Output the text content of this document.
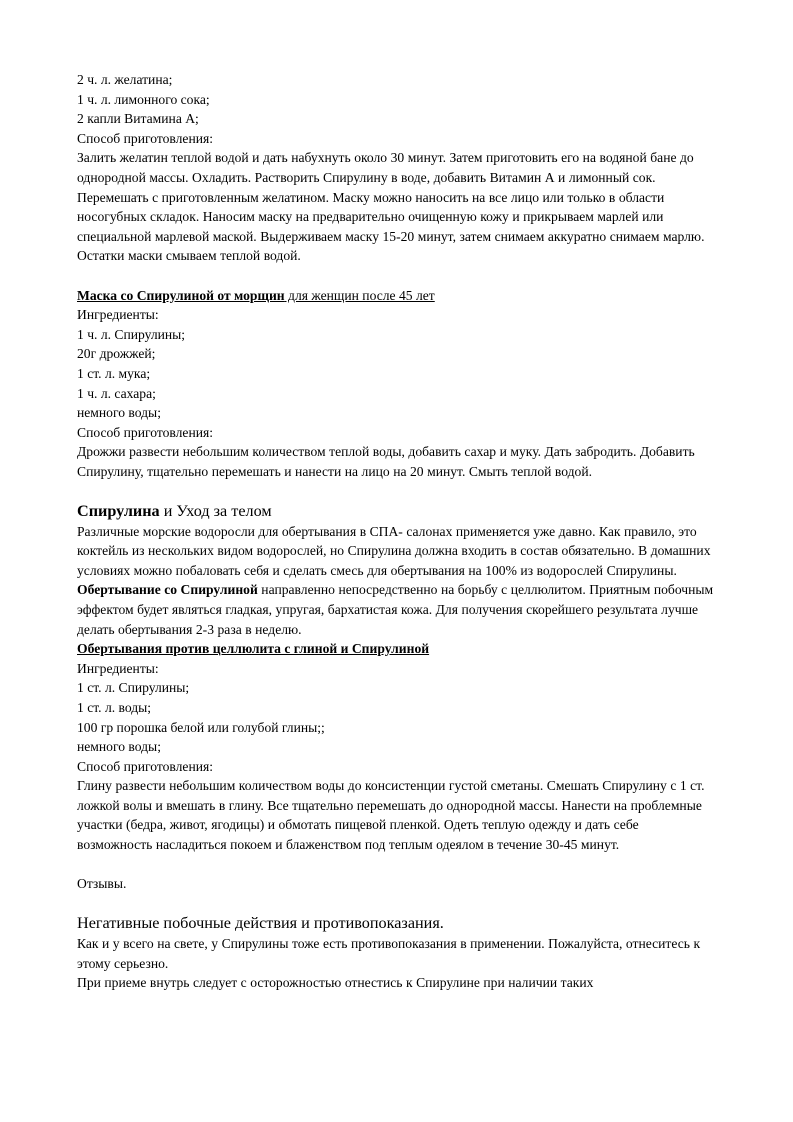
2 ч. л. желатина;

1 ч. л. лимонного сока;

2 капли Витамина А;

Способ приготовления:

Залить желатин теплой водой и дать набухнуть около 30 минут. Затем приготовить его на водяной бане до однородной массы. Охладить. Растворить Спирулину в воде, добавить Витамин А и лимонный сок. Перемешать с приготовленным желатином. Маску можно наносить на все лицо или только в области носогубных складок. Наносим маску на предварительно очищенную кожу и прикрываем марлей или специальной марлевой маской. Выдерживаем маску 15-20 минут, затем снимаем аккуратно снимаем марлю. Остатки маски смываем теплой водой.

Маска со Спирулиной от морщин для женщин после 45 лет

Ингредиенты:

1 ч. л. Спирулины;

20г дрожжей;

1 ст. л. мука;

1 ч. л. сахара;

немного воды;

Способ приготовления:

Дрожжи развести небольшим количеством теплой воды, добавить сахар и муку. Дать забродить. Добавить Спирулину, тщательно перемешать и нанести на лицо на 20 минут. Смыть теплой водой.

Спирулина и Уход за телом

Различные морские водоросли для обертывания в СПА- салонах применяется уже давно. Как правило, это коктейль из нескольких видом водорослей, но Спирулина должна входить в состав обязательно. В домашних условиях можно побаловать себя и сделать смесь для обертывания на 100% из водорослей Спирулины. Обертывание со Спирулиной направленно непосредственно на борьбу с целлюлитом. Приятным побочным эффектом будет являться гладкая, упругая, бархатистая кожа. Для получения скорейшего результата лучше делать обертывания 2-3 раза в неделю.

Обертывания против целлюлита с глиной и Спирулиной

Ингредиенты:

1 ст. л. Спирулины;

1 ст. л. воды;

100 гр порошка белой или голубой глины;;

немного воды;

Способ приготовления:

Глину развести небольшим количеством воды до консистенции густой сметаны. Смешать Спирулину с 1 ст. ложкой волы и вмешать в глину. Все тщательно перемешать до однородной массы. Нанести на проблемные участки (бедра, живот, ягодицы) и обмотать пищевой пленкой. Одеть теплую одежду и дать себе возможность насладиться покоем и блаженством под теплым одеялом в течение 30-45 минут.

Отзывы.

Негативные побочные действия и противопоказания.

Как и у всего на свете, у Спирулины тоже есть противопоказания в применении. Пожалуйста, отнеситесь к этому серьезно.

При приеме внутрь следует с осторожностью отнестись к Спирулине при наличии таких
